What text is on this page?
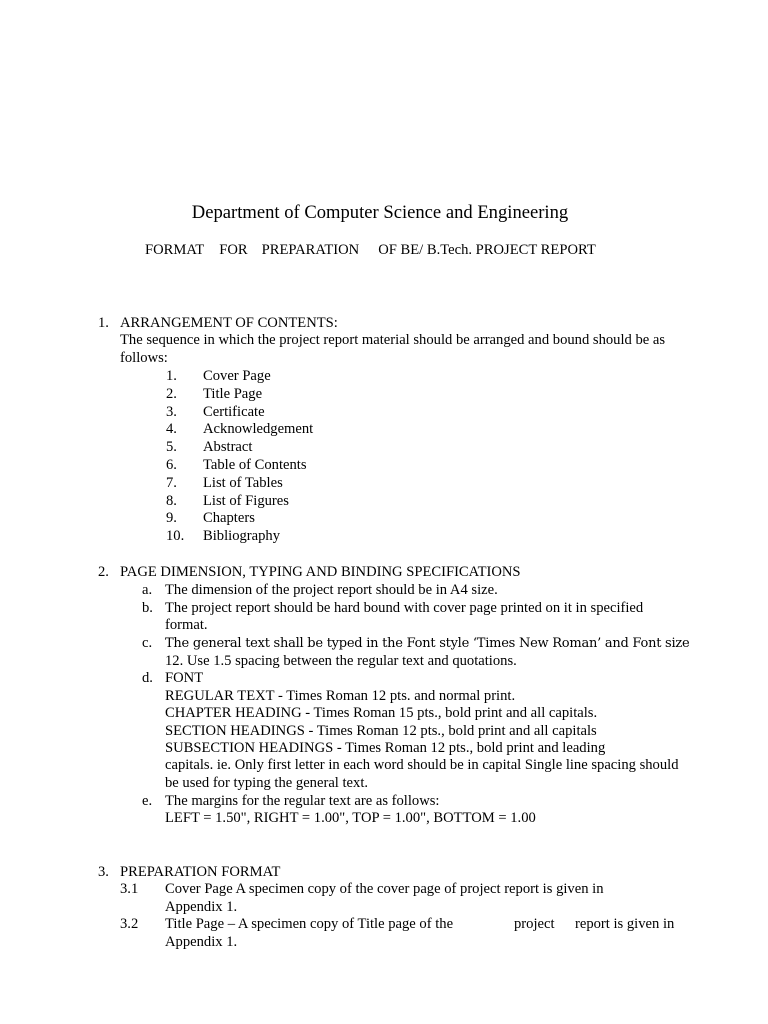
Department of Computer Science and Engineering
FORMAT FOR PREPARATION OF BE/ B.Tech. PROJECT REPORT
1. ARRANGEMENT OF CONTENTS:
The sequence in which the project report material should be arranged and bound should be as
follows:
1. Cover Page
2. Title Page
3. Certificate
4. Acknowledgement
5. Abstract
6. Table of Contents
7. List of Tables
8. List of Figures
9. Chapters
10. Bibliography
2. PAGE DIMENSION, TYPING AND BINDING SPECIFICATIONS
a. The dimension of the project report should be in A4 size.
b. The project report should be hard bound with cover page printed on it in specified
format.
c. The general text shall be typed in the Font style ‘Times New Roman’ and Font size
12. Use 1.5 spacing between the regular text and quotations.
d. FONT
REGULAR TEXT - Times Roman 12 pts. and normal print.
CHAPTER HEADING - Times Roman 15 pts., bold print and all capitals.
SECTION HEADINGS - Times Roman 12 pts., bold print and all capitals
SUBSECTION HEADINGS - Times Roman 12 pts., bold print and leading
capitals. ie. Only first letter in each word should be in capital Single line spacing should
be used for typing the general text.
e. The margins for the regular text are as follows:
LEFT = 1.50", RIGHT = 1.00", TOP = 1.00", BOTTOM = 1.00
3. PREPARATION FORMAT
3.1 Cover Page A specimen copy of the cover page of project report is given in
Appendix 1.
3.2 Title Page – A specimen copy of Title page of the	project report is given in
Appendix 1.
